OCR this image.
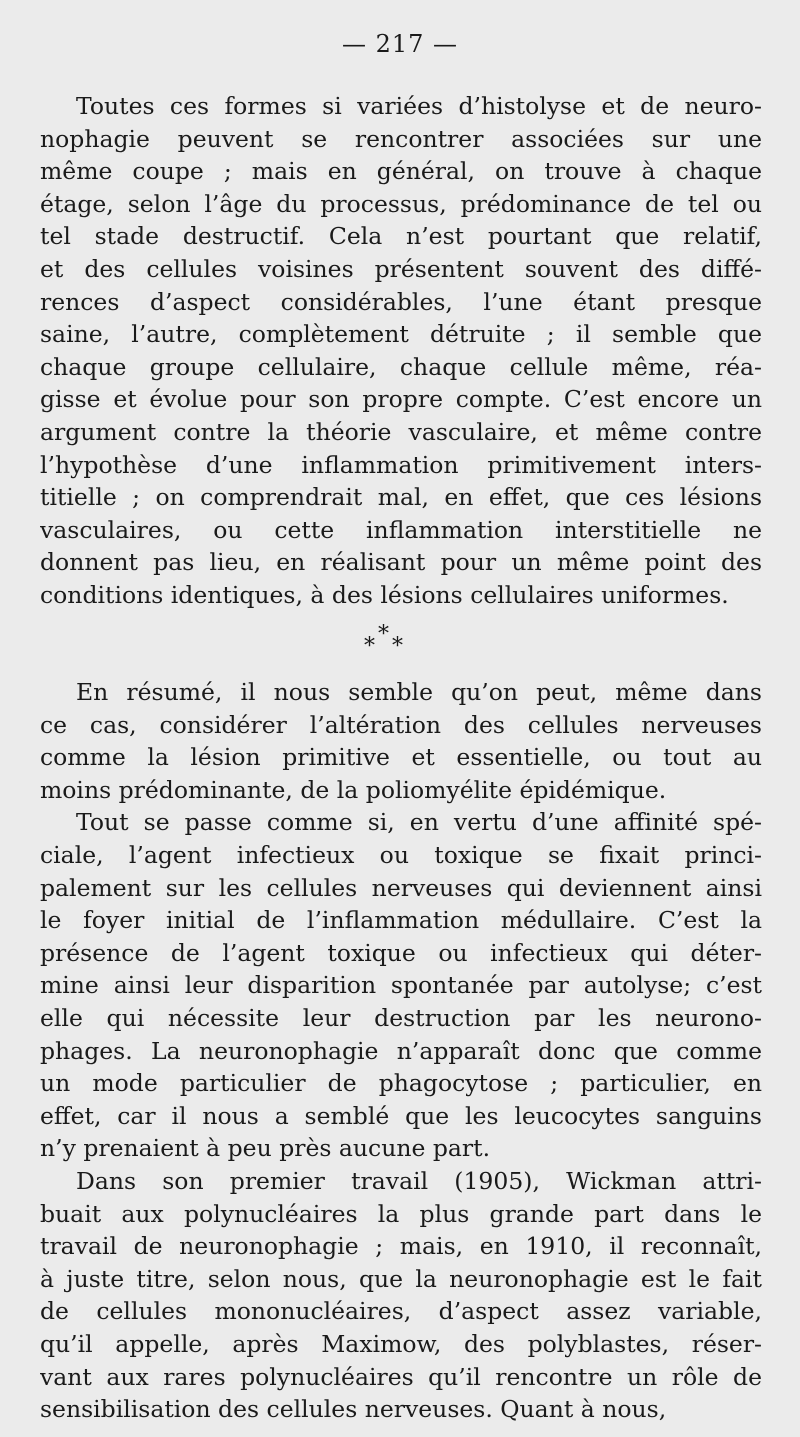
— 217 —
Toutes ces formes si variées d’histolyse et de neuro-
nophagie peuvent se rencontrer associées sur une
même coupe ; mais en général, on trouve à chaque
étage, selon l’âge du processus, prédominance de tel ou
tel stade destructif. Cela n’est pourtant que relatif,
et des cellules voisines présentent souvent des diffé-
rences d’aspect considérables, l’une étant presque
saine, l’autre, complètement détruite ; il semble que
chaque groupe cellulaire, chaque cellule même, réa-
gisse et évolue pour son propre compte. C’est encore un
argument contre la théorie vasculaire, et même contre
l’hypothèse d’une inflammation primitivement inters-
titielle ; on comprendrait mal, en effet, que ces lésions
vasculaires, ou cette inflammation interstitielle ne
donnent pas lieu, en réalisant pour un même point des
conditions identiques, à des lésions cellulaires uniformes.
*
* *
En résumé, il nous semble qu’on peut, même dans
ce cas, considérer l’altération des cellules nerveuses
comme la lésion primitive et essentielle, ou tout au
moins prédominante, de la poliomyélite épidémique.
Tout se passe comme si, en vertu d’une affinité spé-
ciale, l’agent infectieux ou toxique se fixait princi-
palement sur les cellules nerveuses qui deviennent ainsi
le foyer initial de l’inflammation médullaire. C’est la
présence de l’agent toxique ou infectieux qui déter-
mine ainsi leur disparition spontanée par autolyse; c’est
elle qui nécessite leur destruction par les neurono-
phages. La neuronophagie n’apparaît donc que comme
un mode particulier de phagocytose ; particulier, en
effet, car il nous a semblé que les leucocytes sanguins
n’y prenaient à peu près aucune part.
Dans son premier travail (1905), Wickman attri-
buait aux polynucléaires la plus grande part dans le
travail de neuronophagie ; mais, en 1910, il reconnaît,
à juste titre, selon nous, que la neuronophagie est le fait
de cellules mononucléaires, d’aspect assez variable,
qu’il appelle, après Maximow, des polyblastes, réser-
vant aux rares polynucléaires qu’il rencontre un rôle de
sensibilisation des cellules nerveuses. Quant à nous,
